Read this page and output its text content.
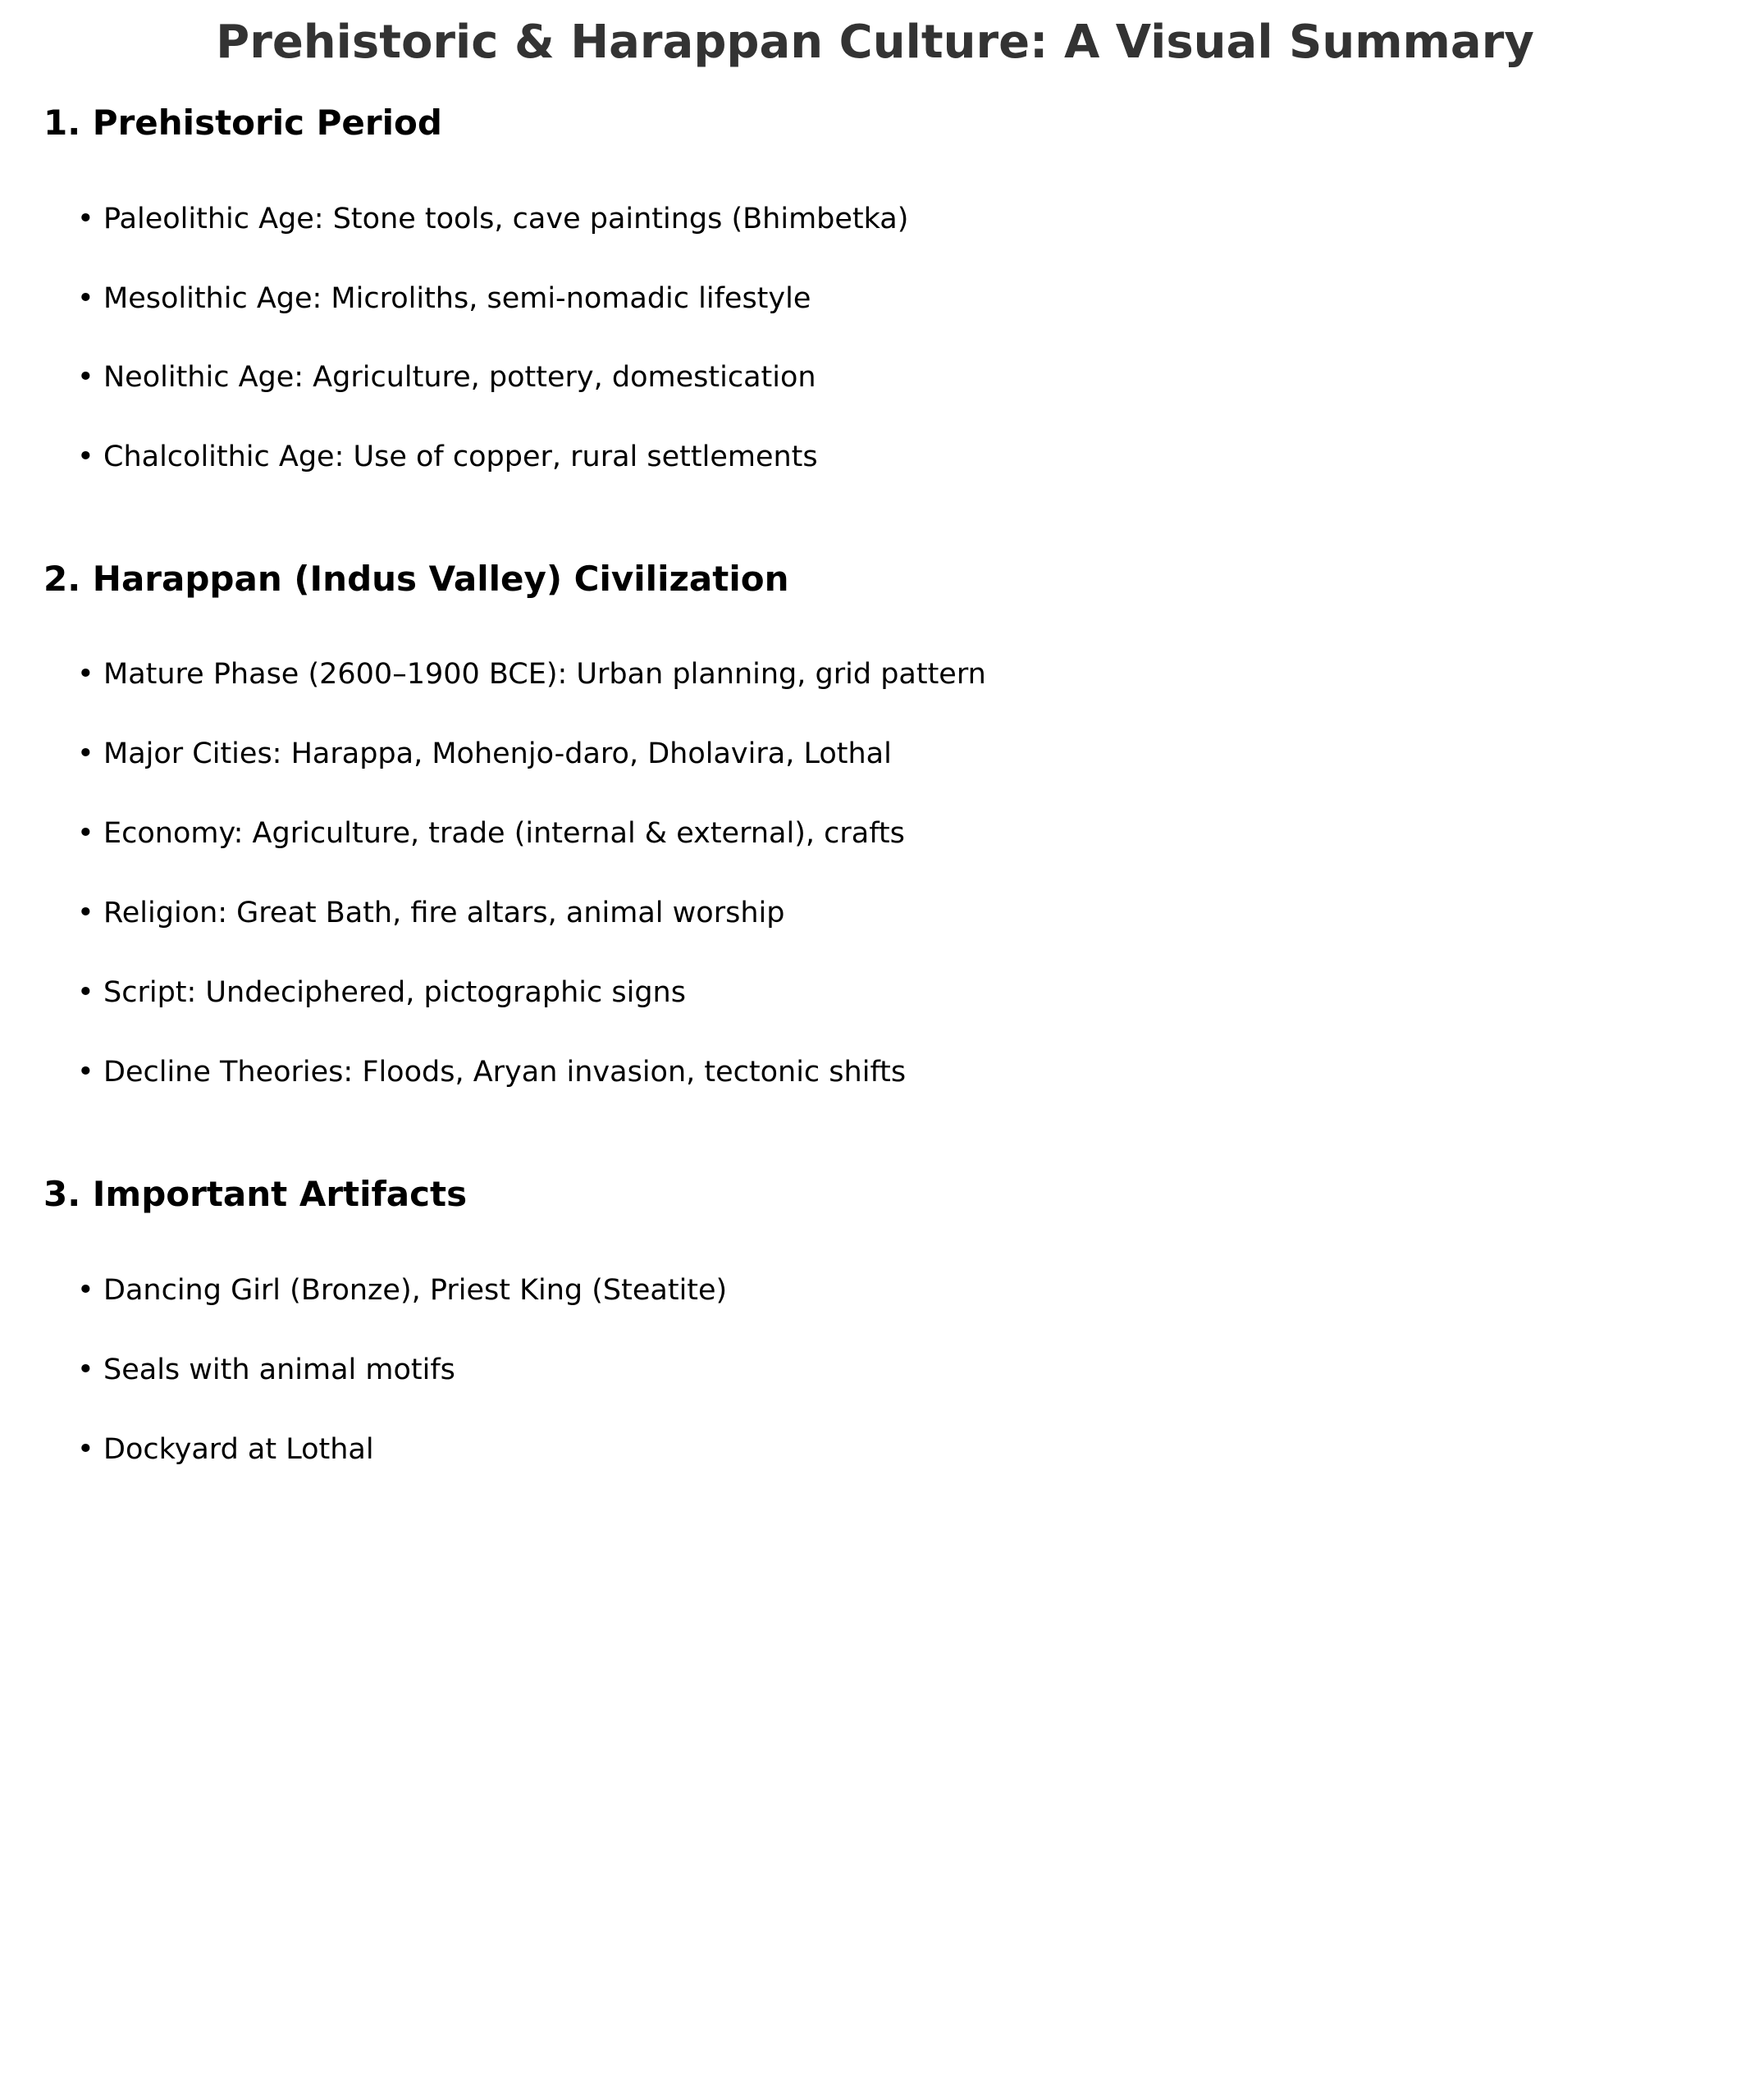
Prehistoric & Harappan Culture: A Visual Summary
1. Prehistoric Period

• Paleolithic Age: Stone tools, cave paintings (Bhimbetka)

• Mesolithic Age: Microliths, semi-nomadic lifestyle

• Neolithic Age: Agriculture, pottery, domestication

• Chalcolithic Age: Use of copper, rural settlements

2. Harappan (Indus Valley) Civilization

• Mature Phase (2600–1900 BCE): Urban planning, grid pattern

• Major Cities: Harappa, Mohenjo-daro, Dholavira, Lothal

• Economy: Agriculture, trade (internal & external), crafts

• Religion: Great Bath, fire altars, animal worship

• Script: Undeciphered, pictographic signs

• Decline Theories: Floods, Aryan invasion, tectonic shifts

3. Important Artifacts

• Dancing Girl (Bronze), Priest King (Steatite)

• Seals with animal motifs

• Dockyard at Lothal
